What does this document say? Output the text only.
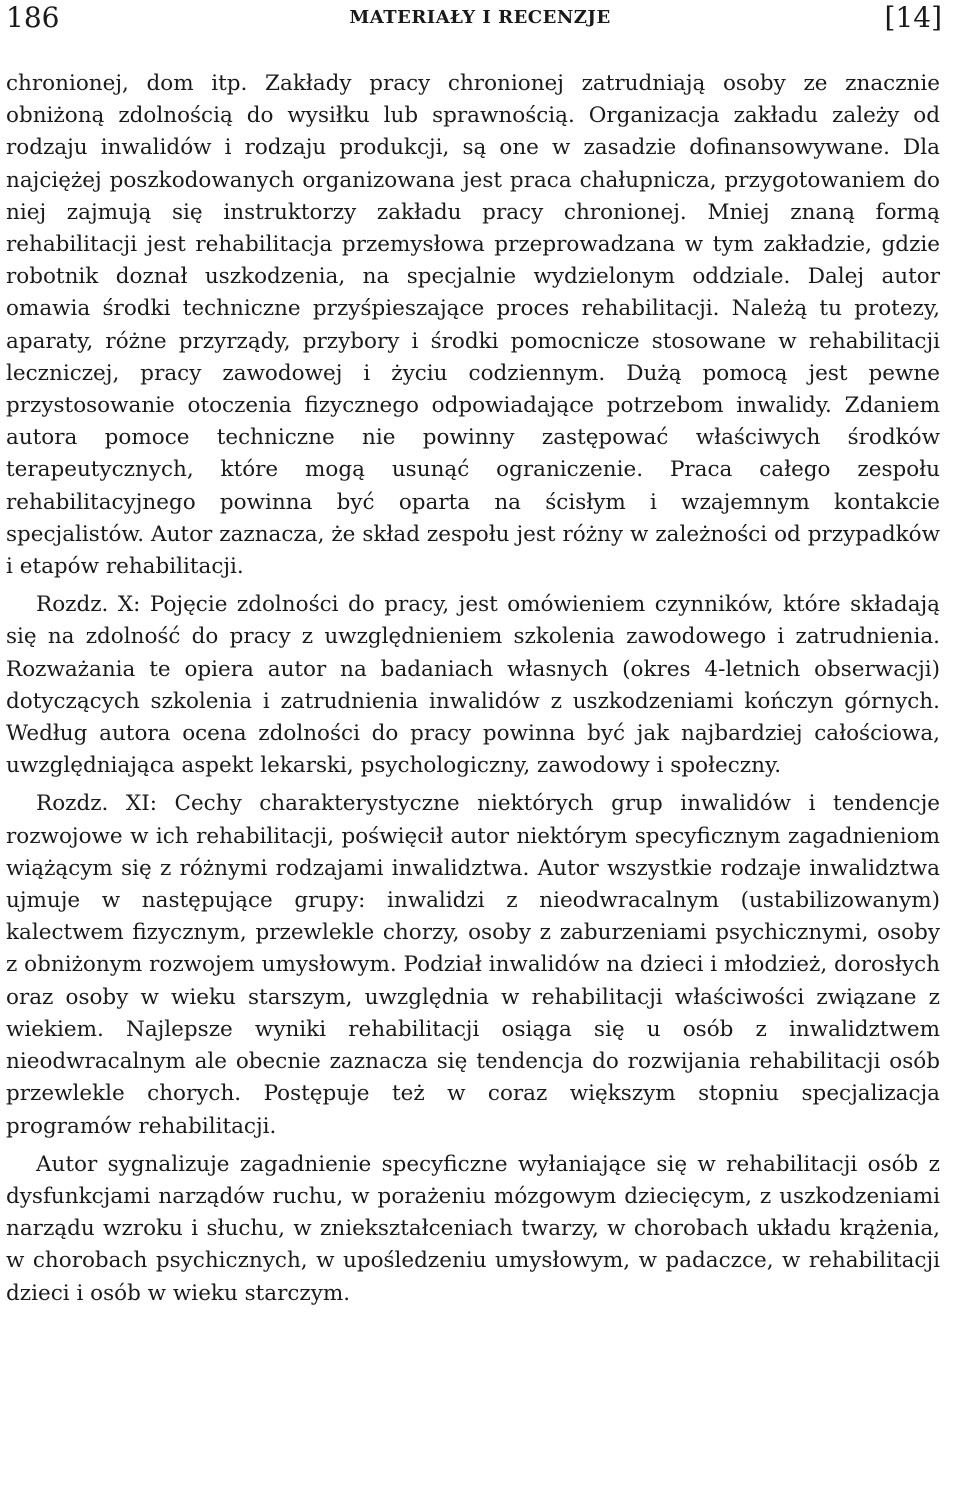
186	MATERIAŁY I RECENZJE	[14]

chronionej, dom itp. Zakłady pracy chronionej zatrudniają osoby ze znacznie obniżoną zdolnością do wysiłku lub sprawnością. Organizacja zakładu zależy od rodzaju inwalidów i rodzaju produkcji, są one w zasadzie dofinansowywane. Dla najciężej poszkodowanych organizowana jest praca chałupnicza, przygotowaniem do niej zajmują się instruktorzy zakładu pracy chronionej. Mniej znaną formą rehabilitacji jest rehabilitacja przemysłowa przeprowadzana w tym zakładzie, gdzie robotnik doznał uszkodzenia, na specjalnie wydzielonym oddziale. Dalej autor omawia środki techniczne przyśpieszające proces rehabilitacji. Należą tu protezy, aparaty, różne przyrządy, przybory i środki pomocnicze stosowane w rehabilitacji leczniczej, pracy zawodowej i życiu codziennym. Dużą pomocą jest pewne przystosowanie otoczenia fizycznego odpowiadające potrzebom inwalidy. Zdaniem autora pomoce techniczne nie powinny zastępować właściwych środków terapeutycznych, które mogą usunąć ograniczenie. Praca całego zespołu rehabilitacyjnego powinna być oparta na ścisłym i wzajemnym kontakcie specjalistów. Autor zaznacza, że skład zespołu jest różny w zależności od przypadków i etapów rehabilitacji.

Rozdz. X: Pojęcie zdolności do pracy, jest omówieniem czynników, które składają się na zdolność do pracy z uwzględnieniem szkolenia zawodowego i zatrudnienia. Rozważania te opiera autor na badaniach własnych (okres 4-letnich obserwacji) dotyczących szkolenia i zatrudnienia inwalidów z uszkodzeniami kończyn górnych. Według autora ocena zdolności do pracy powinna być jak najbardziej całościowa, uwzględniająca aspekt lekarski, psychologiczny, zawodowy i społeczny.

Rozdz. XI: Cechy charakterystyczne niektórych grup inwalidów i tendencje rozwojowe w ich rehabilitacji, poświęcił autor niektórym specyficznym zagadnieniom wiążącym się z różnymi rodzajami inwalidztwa. Autor wszystkie rodzaje inwalidztwa ujmuje w następujące grupy: inwalidzi z nieodwracalnym (ustabilizowanym) kalectwem fizycznym, przewlekle chorzy, osoby z zaburzeniami psychicznymi, osoby z obniżonym rozwojem umysłowym. Podział inwalidów na dzieci i młodzież, dorosłych oraz osoby w wieku starszym, uwzględnia w rehabilitacji właściwości związane z wiekiem. Najlepsze wyniki rehabilitacji osiąga się u osób z inwalidztwem nieodwracalnym ale obecnie zaznacza się tendencja do rozwijania rehabilitacji osób przewlekle chorych. Postępuje też w coraz większym stopniu specjalizacja programów rehabilitacji.

Autor sygnalizuje zagadnienie specyficzne wyłaniające się w rehabilitacji osób z dysfunkcjami narządów ruchu, w porażeniu mózgowym dziecięcym, z uszkodzeniami narządu wzroku i słuchu, w zniekształceniach twarzy, w chorobach układu krążenia, w chorobach psychicznych, w upośledzeniu umysłowym, w padaczce, w rehabilitacji dzieci i osób w wieku starczym.
